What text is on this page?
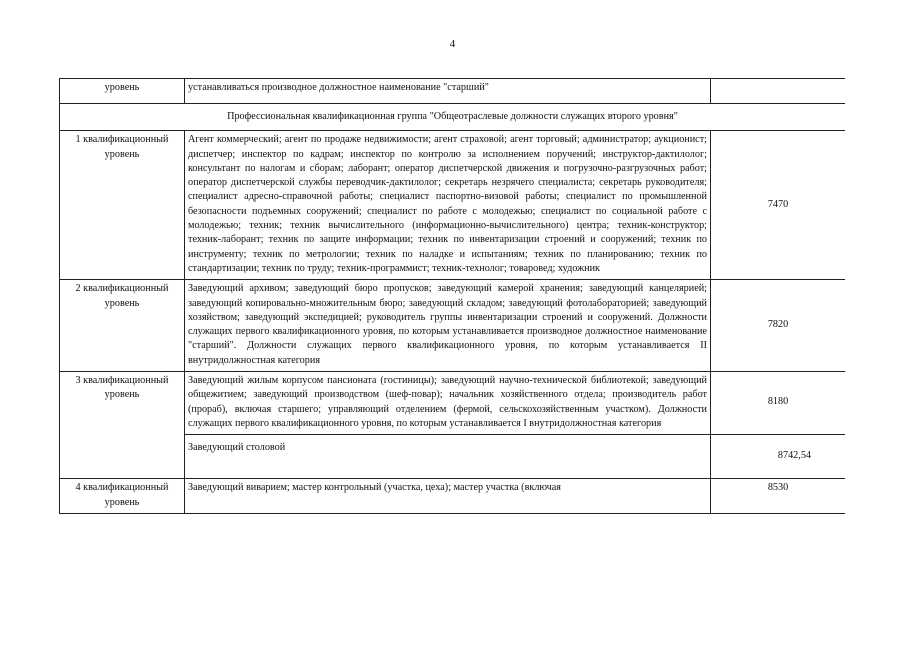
4
уровень	устанавливаться производное должностное наименование "старший"	
Профессиональная квалификационная группа "Общеотраслевые должности служащих второго уровня"		
1 квалификационный уровень	Агент коммерческий; агент по продаже недвижимости; агент страховой; агент торговый; администратор; аукционист; диспетчер; инспектор по кадрам; инспектор по контролю за исполнением поручений; инструктор-дактилолог; консультант по налогам и сборам; лаборант; оператор диспетчерской движения и погрузочно-разгрузочных работ; оператор диспетчерской службы переводчик-дактилолог; секретарь незрячего специалиста; секретарь руководителя; специалист адресно-справочной работы; специалист паспортно-визовой работы; специалист по промышленной безопасности подъемных сооружений; специалист по работе с молодежью; специалист по социальной работе с молодежью; техник; техник вычислительного (информационно-вычислительного) центра; техник-конструктор; техник-лаборант; техник по защите информации; техник по инвентаризации строений и сооружений; техник по инструменту; техник по метрологии; техник по наладке и испытаниям; техник по планированию; техник по стандартизации; техник по труду; техник-программист; техник-технолог; товаровед; художник	7470
2 квалификационный уровень	Заведующий архивом; заведующий бюро пропусков; заведующий камерой хранения; заведующий канцелярией; заведующий копировально-множительным бюро; заведующий складом; заведующий фотолабораторией; заведующий хозяйством; заведующий экспедицией; руководитель группы инвентаризации строений и сооружений. Должности служащих первого квалификационного уровня, по которым устанавливается производное должностное наименование "старший". Должности служащих первого квалификационного уровня, по которым устанавливается II внутридолжностная категория	7820
3 квалификационный уровень	Заведующий жилым корпусом пансионата (гостиницы); заведующий научно-технической библиотекой; заведующий общежитием; заведующий производством (шеф-повар); начальник хозяйственного отдела; производитель работ (прораб), включая старшего; управляющий отделением (фермой, сельскохозяйственным участком). Должности служащих первого квалификационного уровня, по которым устанавливается I внутридолжностная категория	8180
	Заведующий столовой	8742,54
4 квалификационный уровень	Заведующий виварием; мастер контрольный (участка, цеха); мастер участка (включая	8530
